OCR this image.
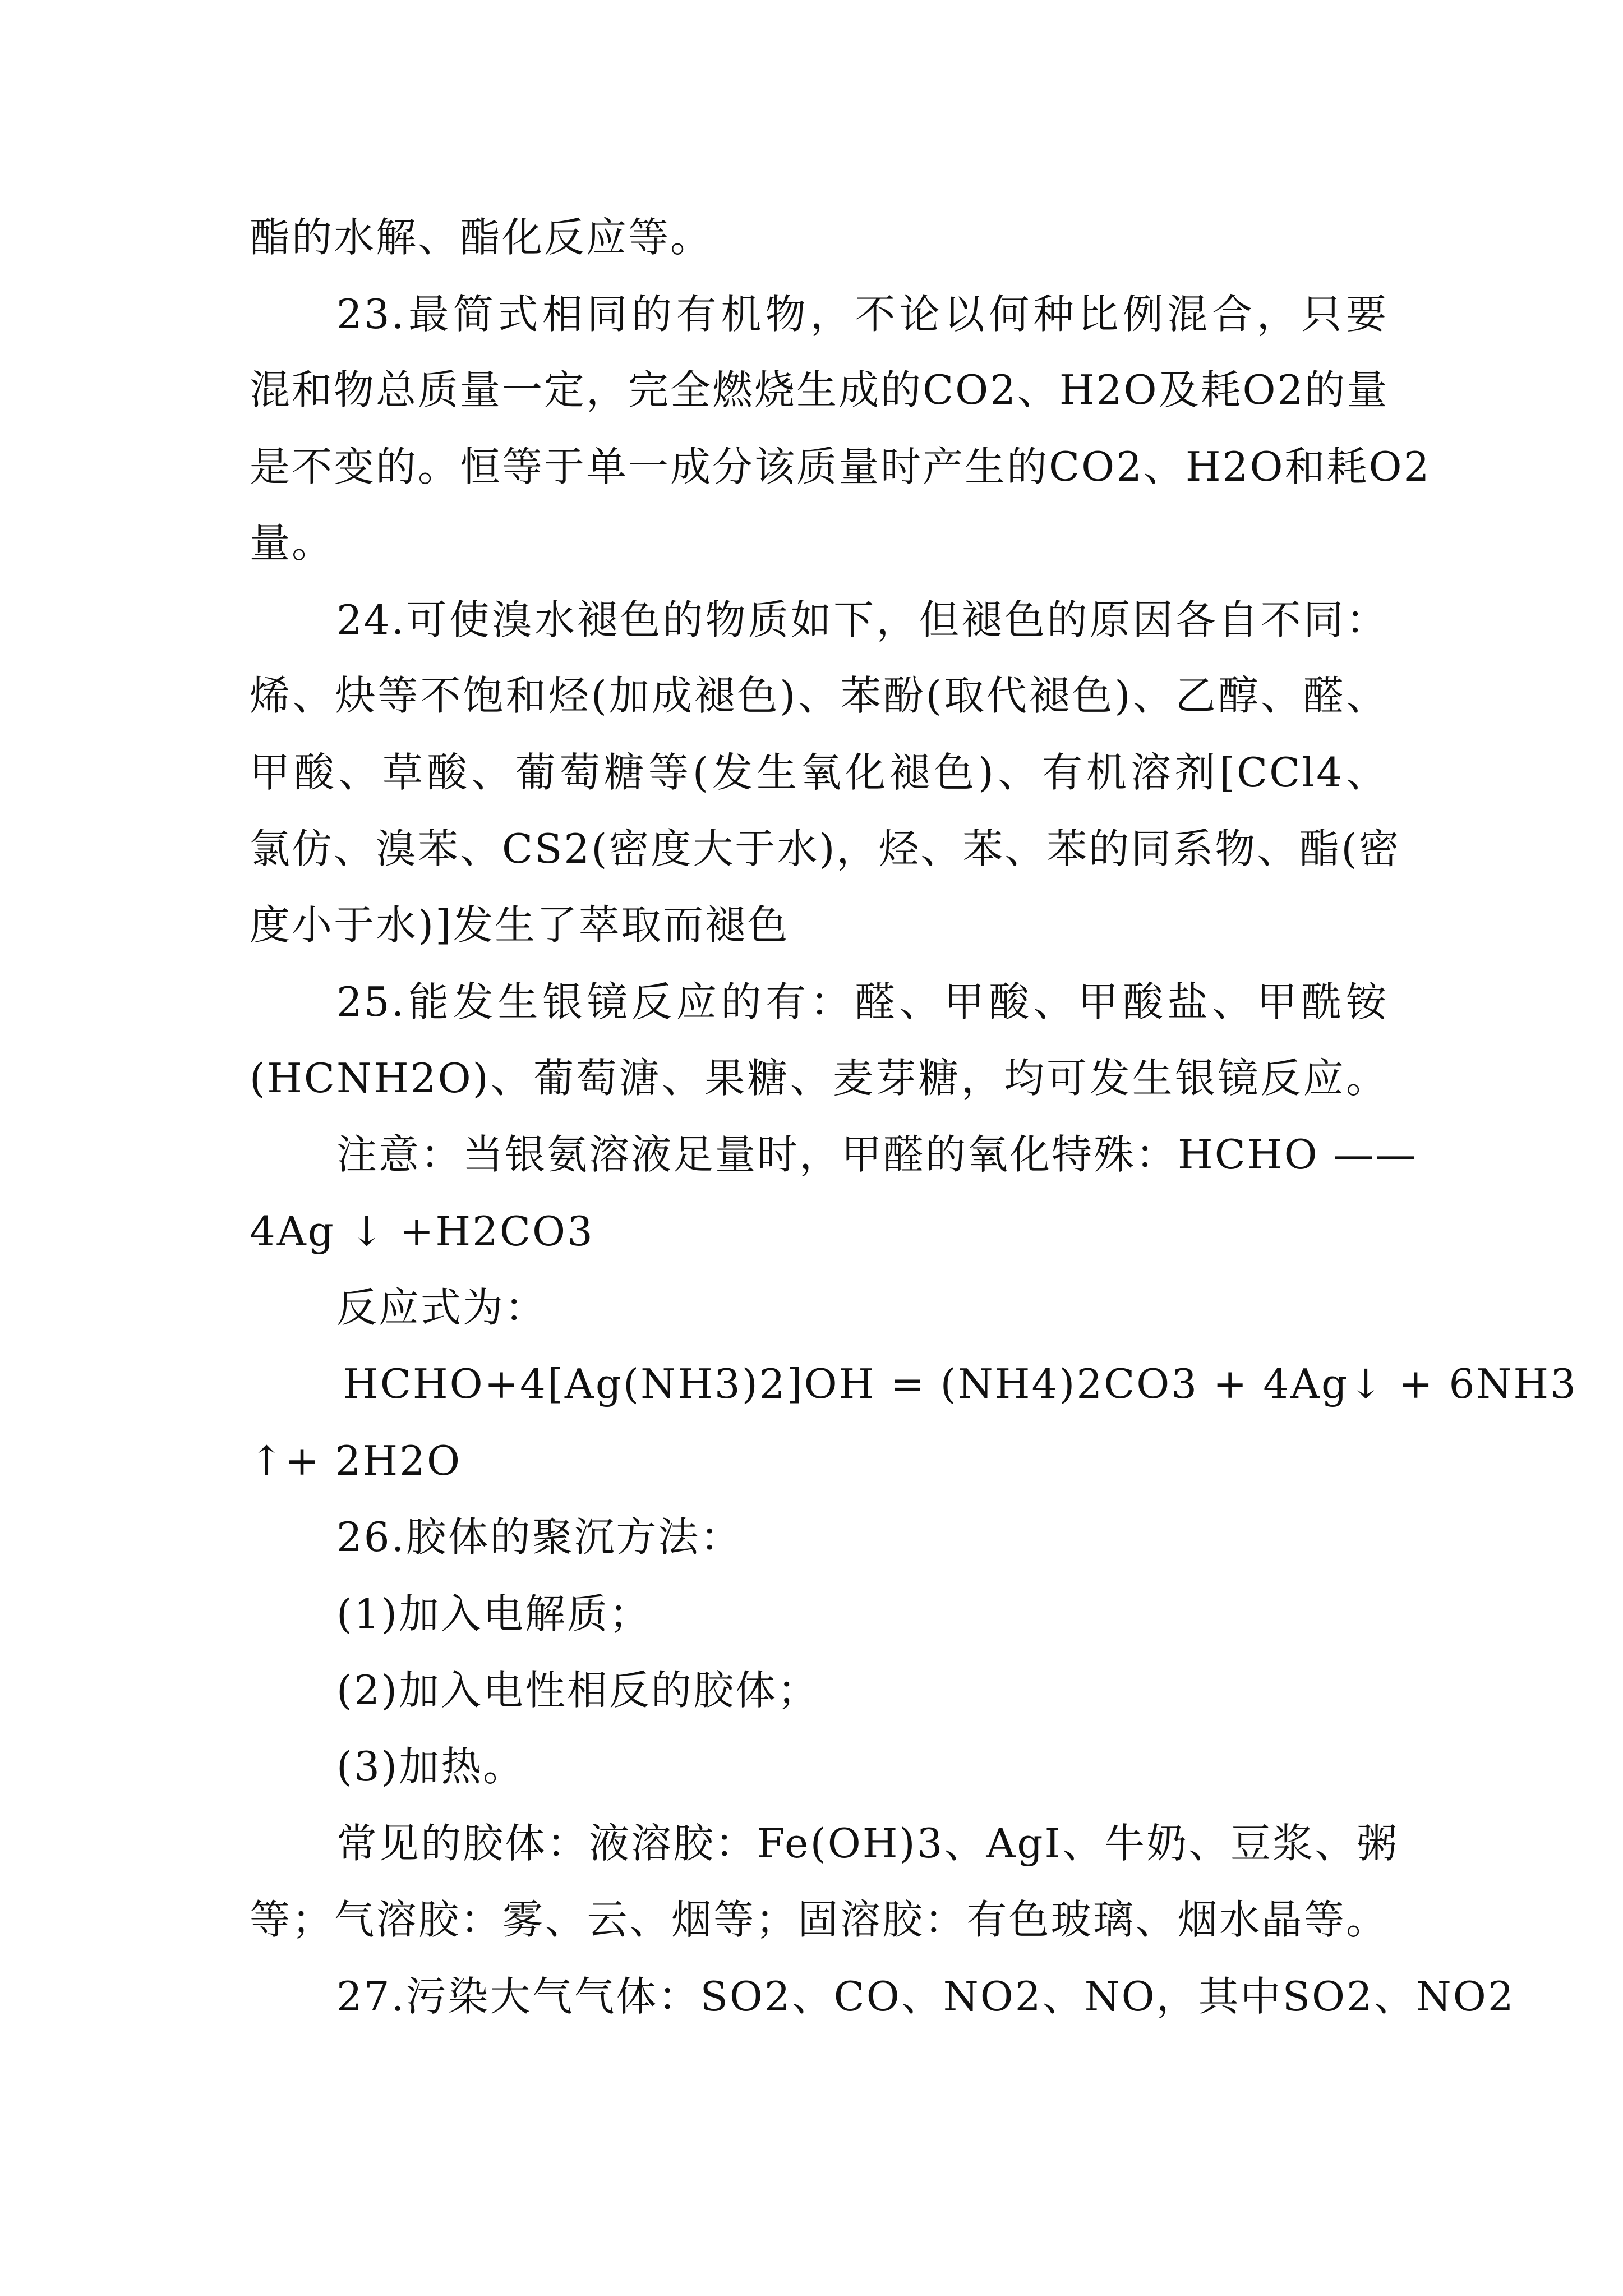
酯的水解、酯化反应等。
23.最简式相同的有机物，不论以何种比例混合，只要
混和物总质量一定，完全燃烧生成的CO2、H2O及耗O2的量
是不变的。恒等于单一成分该质量时产生的CO2、H2O和耗O2
量。
24.可使溴水褪色的物质如下，但褪色的原因各自不同：
烯、炔等不饱和烃(加成褪色)、苯酚(取代褪色)、乙醇、醛、
甲酸、草酸、葡萄糖等(发生氧化褪色)、有机溶剂[CCl4、
氯仿、溴苯、CS2(密度大于水)，烃、苯、苯的同系物、酯(密
度小于水)]发生了萃取而褪色
25.能发生银镜反应的有：醛、甲酸、甲酸盐、甲酰铵
(HCNH2O)、葡萄溏、果糖、麦芽糖，均可发生银镜反应。
注意：当银氨溶液足量时，甲醛的氧化特殊：HCHO ——
4Ag ↓ +H2CO3
反应式为：
HCHO+4[Ag(NH3)2]OH = (NH4)2CO3 + 4Ag↓ + 6NH3
↑+ 2H2O
26.胶体的聚沉方法：
(1)加入电解质；
(2)加入电性相反的胶体；
(3)加热。
常见的胶体：液溶胶：Fe(OH)3、AgI、牛奶、豆浆、粥
等；气溶胶：雾、云、烟等；固溶胶：有色玻璃、烟水晶等。
27.污染大气气体：SO2、CO、NO2、NO，其中SO2、NO2
